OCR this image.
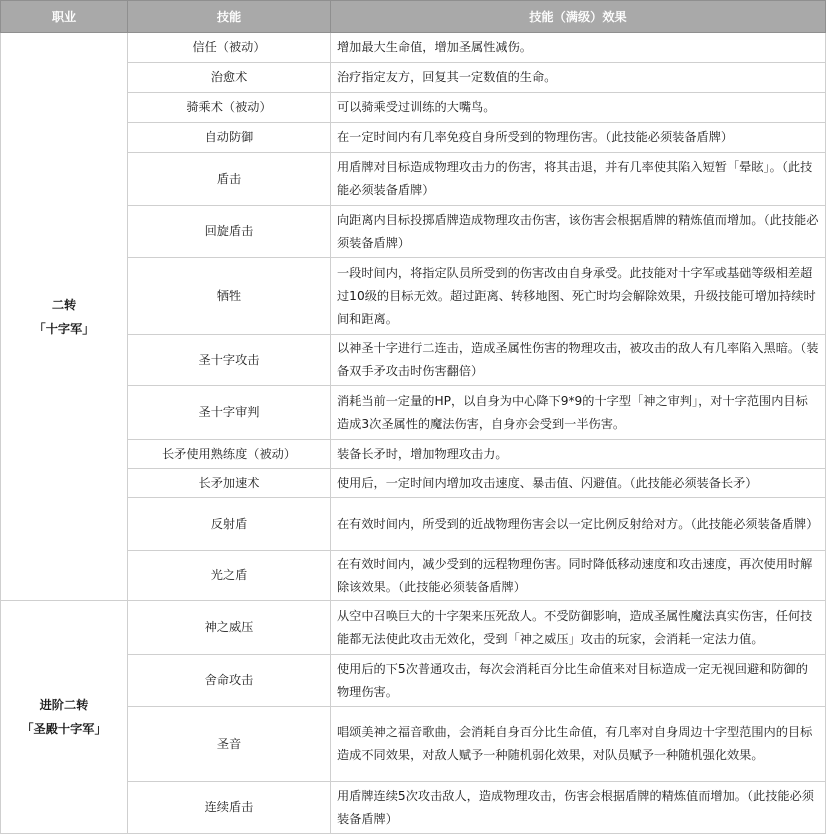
职业	技能	技能（满级）效果

二转
「十字军」	信任（被动）	增加最大生命值，增加圣属性减伤。
	治愈术	治疗指定友方，回复其一定数值的生命。
	骑乘术（被动）	可以骑乘受过训练的大嘴鸟。
	自动防御	在一定时间内有几率免疫自身所受到的物理伤害。（此技能必须装备盾牌）
	盾击	用盾牌对目标造成物理攻击力的伤害，将其击退，并有几率使其陷入短暂「晕眩」。（此技能必须装备盾牌）
	回旋盾击	向距离内目标投掷盾牌造成物理攻击伤害，该伤害会根据盾牌的精炼值而增加。（此技能必须装备盾牌）
	牺牲	一段时间内，将指定队员所受到的伤害改由自身承受。此技能对十字军或基础等级相差超过10级的目标无效。超过距离、转移地图、死亡时均会解除效果，升级技能可增加持续时间和距离。
	圣十字攻击	以神圣十字进行二连击，造成圣属性伤害的物理攻击，被攻击的敌人有几率陷入黑暗。（装备双手矛攻击时伤害翻倍）
	圣十字审判	消耗当前一定量的HP，以自身为中心降下9*9的十字型「神之审判」，对十字范围内目标造成3次圣属性的魔法伤害，自身亦会受到一半伤害。
	长矛使用熟练度（被动）	装备长矛时，增加物理攻击力。
	长矛加速术	使用后，一定时间内增加攻击速度、暴击值、闪避值。（此技能必须装备长矛）
	反射盾	在有效时间内，所受到的近战物理伤害会以一定比例反射给对方。（此技能必须装备盾牌）
	光之盾	在有效时间内，减少受到的远程物理伤害。同时降低移动速度和攻击速度，再次使用时解除该效果。（此技能必须装备盾牌）

进阶二转
「圣殿十字军」	神之威压	从空中召唤巨大的十字架来压死敌人。不受防御影响，造成圣属性魔法真实伤害，任何技能都无法使此攻击无效化，受到「神之威压」攻击的玩家，会消耗一定法力值。
	舍命攻击	使用后的下5次普通攻击，每次会消耗百分比生命值来对目标造成一定无视回避和防御的物理伤害。
	圣音	唱颂美神之福音歌曲，会消耗自身百分比生命值，有几率对自身周边十字型范围内的目标造成不同效果，对敌人赋予一种随机弱化效果，对队员赋予一种随机强化效果。
	连续盾击	用盾牌连续5次攻击敌人，造成物理攻击，伤害会根据盾牌的精炼值而增加。（此技能必须装备盾牌）
